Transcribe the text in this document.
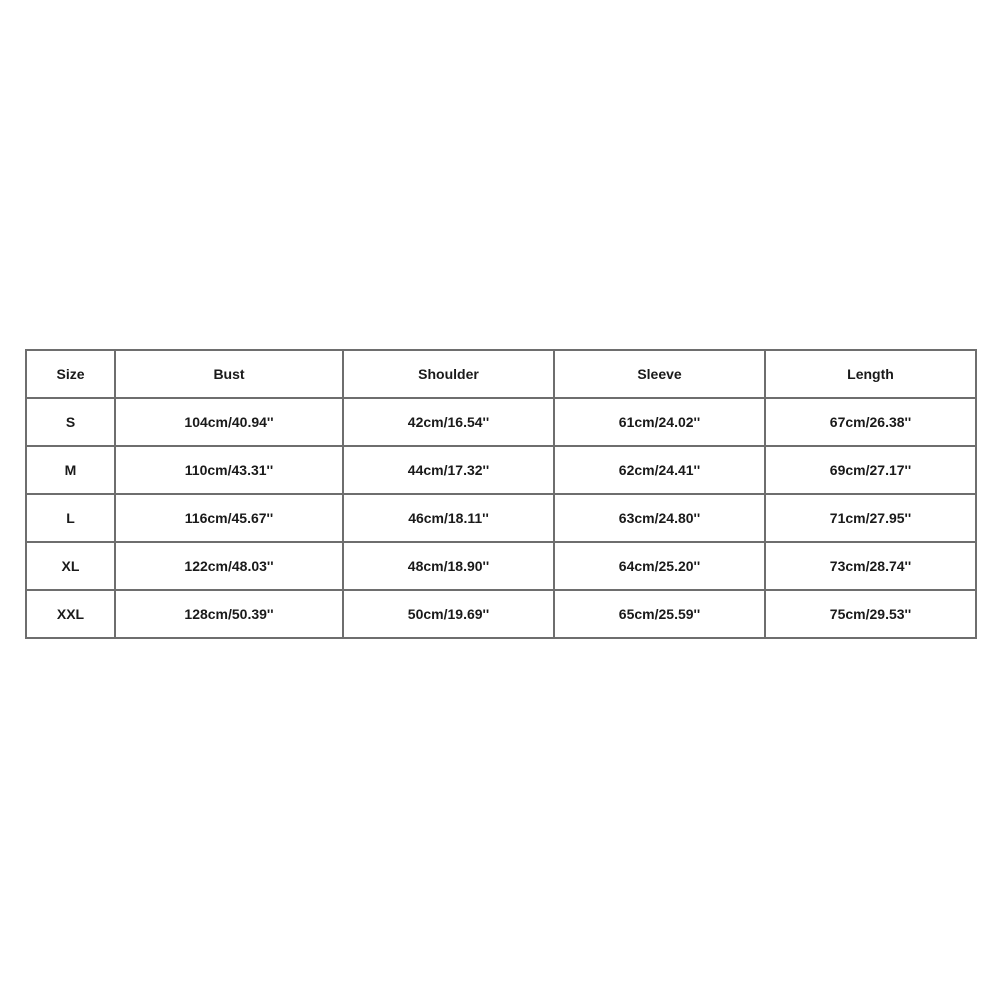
Size	Bust	Shoulder	Sleeve	Length
S	104cm/40.94''	42cm/16.54''	61cm/24.02''	67cm/26.38''
M	110cm/43.31''	44cm/17.32''	62cm/24.41''	69cm/27.17''
L	116cm/45.67''	46cm/18.11''	63cm/24.80''	71cm/27.95''
XL	122cm/48.03''	48cm/18.90''	64cm/25.20''	73cm/28.74''
XXL	128cm/50.39''	50cm/19.69''	65cm/25.59''	75cm/29.53''
